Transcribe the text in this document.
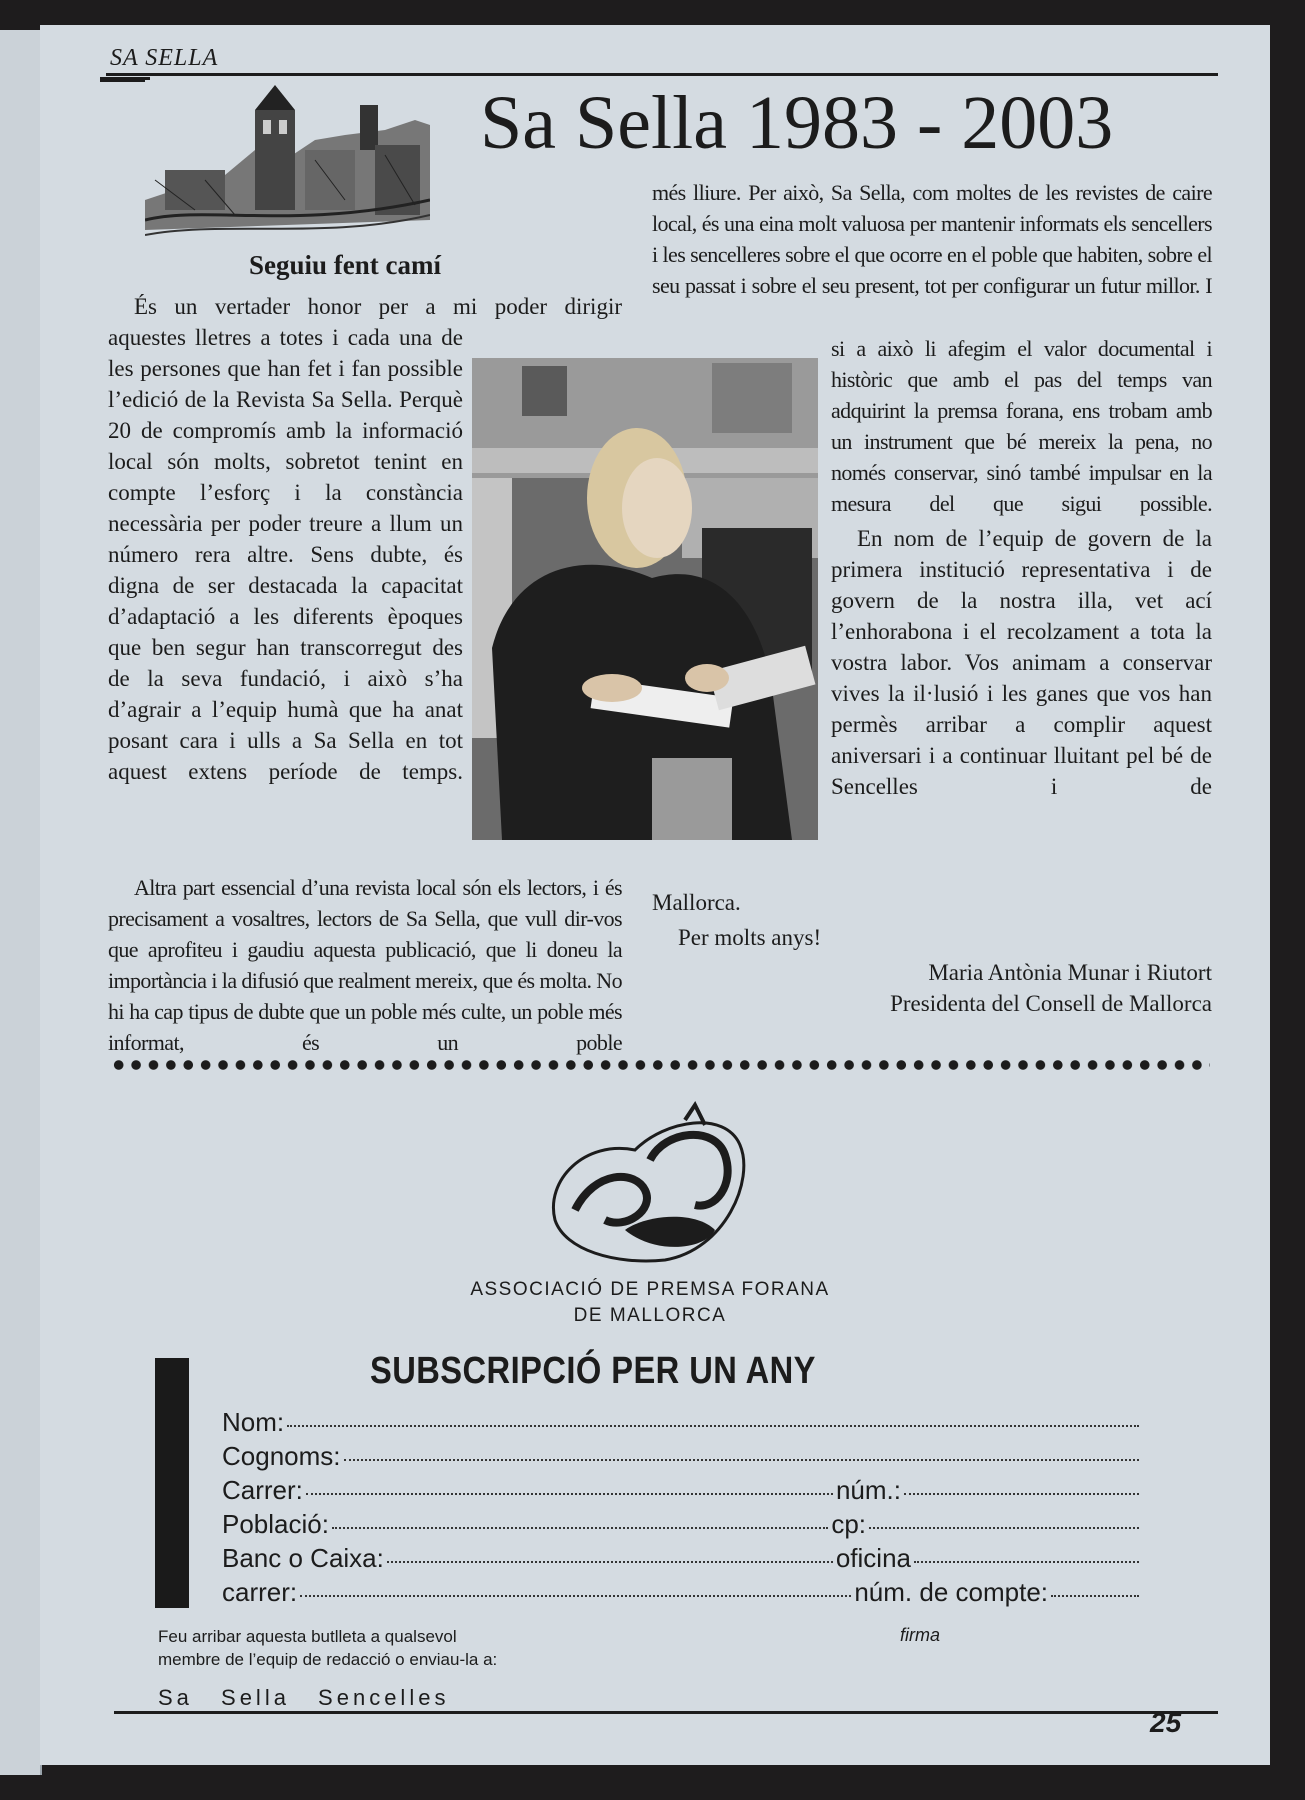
SA SELLA
Sa Sella 1983 - 2003
Seguiu fent camí

És un vertader honor per a mi poder dirigir

aquestes lletres a totes i cada una de les persones que han fet i fan possible l’edició de la Revista Sa Sella. Perquè 20 de compromís amb la informació local són molts, sobretot tenint en compte l’esforç i la constància necessària per poder treure a llum un número rera altre. Sens dubte, és digna de ser destacada la capacitat d’adaptació a les diferents èpoques que ben segur han transcorregut des de la seva fundació, i això s’ha d’agrair a l’equip humà que ha anat posant cara i ulls a Sa Sella en tot aquest extens període de temps.

Altra part essencial d’una revista local són els lectors, i és precisament a vosaltres, lectors de Sa Sella, que vull dir-vos que aprofiteu i gaudiu aquesta publicació, que li doneu la importància i la difusió que realment mereix, que és molta. No hi ha cap tipus de dubte que un poble més culte, un poble més informat, és un poble

més lliure. Per això, Sa Sella, com moltes de les revistes de caire local, és una eina molt valuosa per mantenir informats els sencellers i les sencelleres sobre el que ocorre en el poble que habiten, sobre el seu passat i sobre el seu present, tot per configurar un futur millor. I

si a això li afegim el valor documental i històric que amb el pas del temps van adquirint la premsa forana, ens trobam amb un instrument que bé mereix la pena, no només conservar, sinó també impulsar en la mesura del que sigui possible.

En nom de l’equip de govern de la primera institució representativa i de govern de la nostra illa, vet ací l’enhorabona i el recolzament a tota la vostra labor. Vos animam a conservar vives la il·lusió i les ganes que vos han permès arribar a complir aquest aniversari i a continuar lluitant pel bé de Sencelles i de

Mallorca.

Per molts anys!

Maria Antònia Munar i Riutort

Presidenta del Consell de Mallorca

ASSOCIACIÓ DE PREMSA FORANA
DE MALLORCA
SUBSCRIPCIÓ PER UN ANY
Nom:
Cognoms:
Carrer:	núm.:
Població:	cp:
Banc o Caixa:	oficina
carrer:	núm. de compte:
Feu arribar aquesta butlleta a qualsevol
membre de l’equip de redacció o enviau-la a:
firma
Sa Sella Sencelles
25
